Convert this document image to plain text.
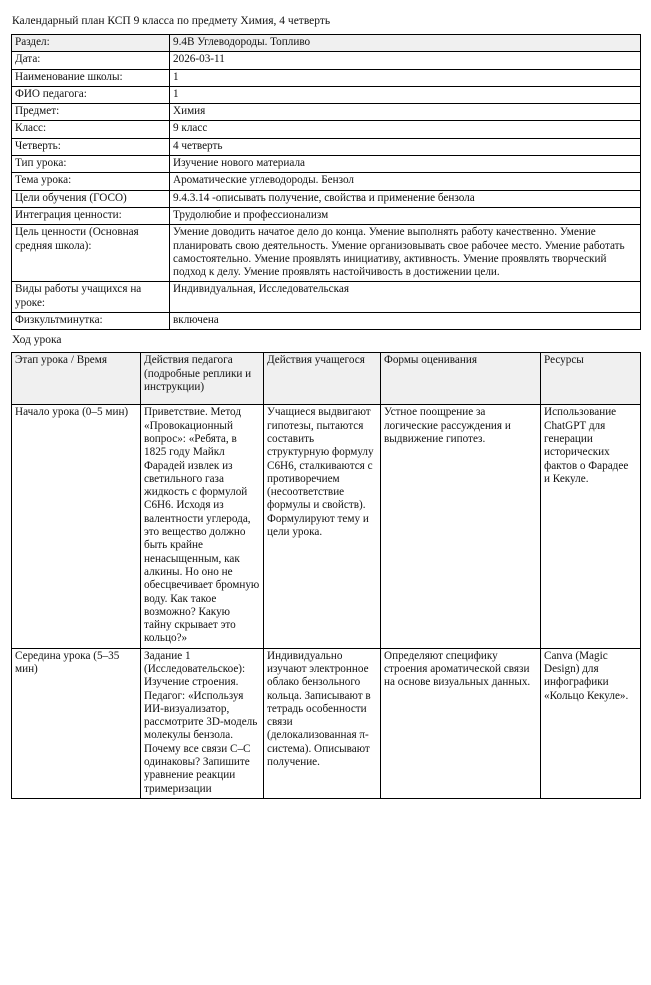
Календарный план КСП 9 класса по предмету Химия, 4 четверть
Раздел:	9.4В Углеводороды. Топливо
Дата:	2026-03-11
Наименование школы:	1
ФИО педагога:	1
Предмет:	Химия
Класс:	9 класс
Четверть:	4 четверть
Тип урока:	Изучение нового материала
Тема урока:	Ароматические углеводороды. Бензол
Цели обучения (ГОСО)	9.4.3.14 -описывать получение, свойства и применение бензола
Интеграция ценности:	Трудолюбие и профессионализм
Цель ценности (Основная средняя школа):	Умение доводить начатое дело до конца. Умение выполнять работу качественно. Умение планировать свою деятельность. Умение организовывать свое рабочее место. Умение работать самостоятельно. Умение проявлять инициативу, активность. Умение проявлять творческий подход к делу. Умение проявлять настойчивость в достижении цели.
Виды работы учащихся на уроке:	Индивидуальная, Исследовательская
Физкультминутка:	включена
Ход урока
Этап урока / Время	Действия педагога (подробные реплики и инструкции)	Действия учащегося	Формы оценивания	Ресурсы
Начало урока (0–5 мин)	Приветствие. Метод «Провокационный вопрос»: «Ребята, в 1825 году Майкл Фарадей извлек из светильного газа жидкость с формулой C6H6. Исходя из валентности углерода, это вещество должно быть крайне ненасыщенным, как алкины. Но оно не обесцвечивает бромную воду. Как такое возможно? Какую тайну скрывает это кольцо?»	Учащиеся выдвигают гипотезы, пытаются составить структурную формулу C6H6, сталкиваются с противоречием (несоответствие формулы и свойств). Формулируют тему и цели урока.	Устное поощрение за логические рассуждения и выдвижение гипотез.	Использование ChatGPT для генерации исторических фактов о Фарадее и Кекуле.
Середина урока (5–35 мин)	Задание 1 (Исследовательское): Изучение строения. Педагог: «Используя ИИ-визуализатор, рассмотрите 3D-модель молекулы бензола. Почему все связи C–C одинаковы? Запишите уравнение реакции тримеризации	Индивидуально изучают электронное облако бензольного кольца. Записывают в тетрадь особенности связи (делокализованная π-система). Описывают получение.	Определяют специфику строения ароматической связи на основе визуальных данных.	Canva (Magic Design) для инфографики «Кольцо Кекуле».
